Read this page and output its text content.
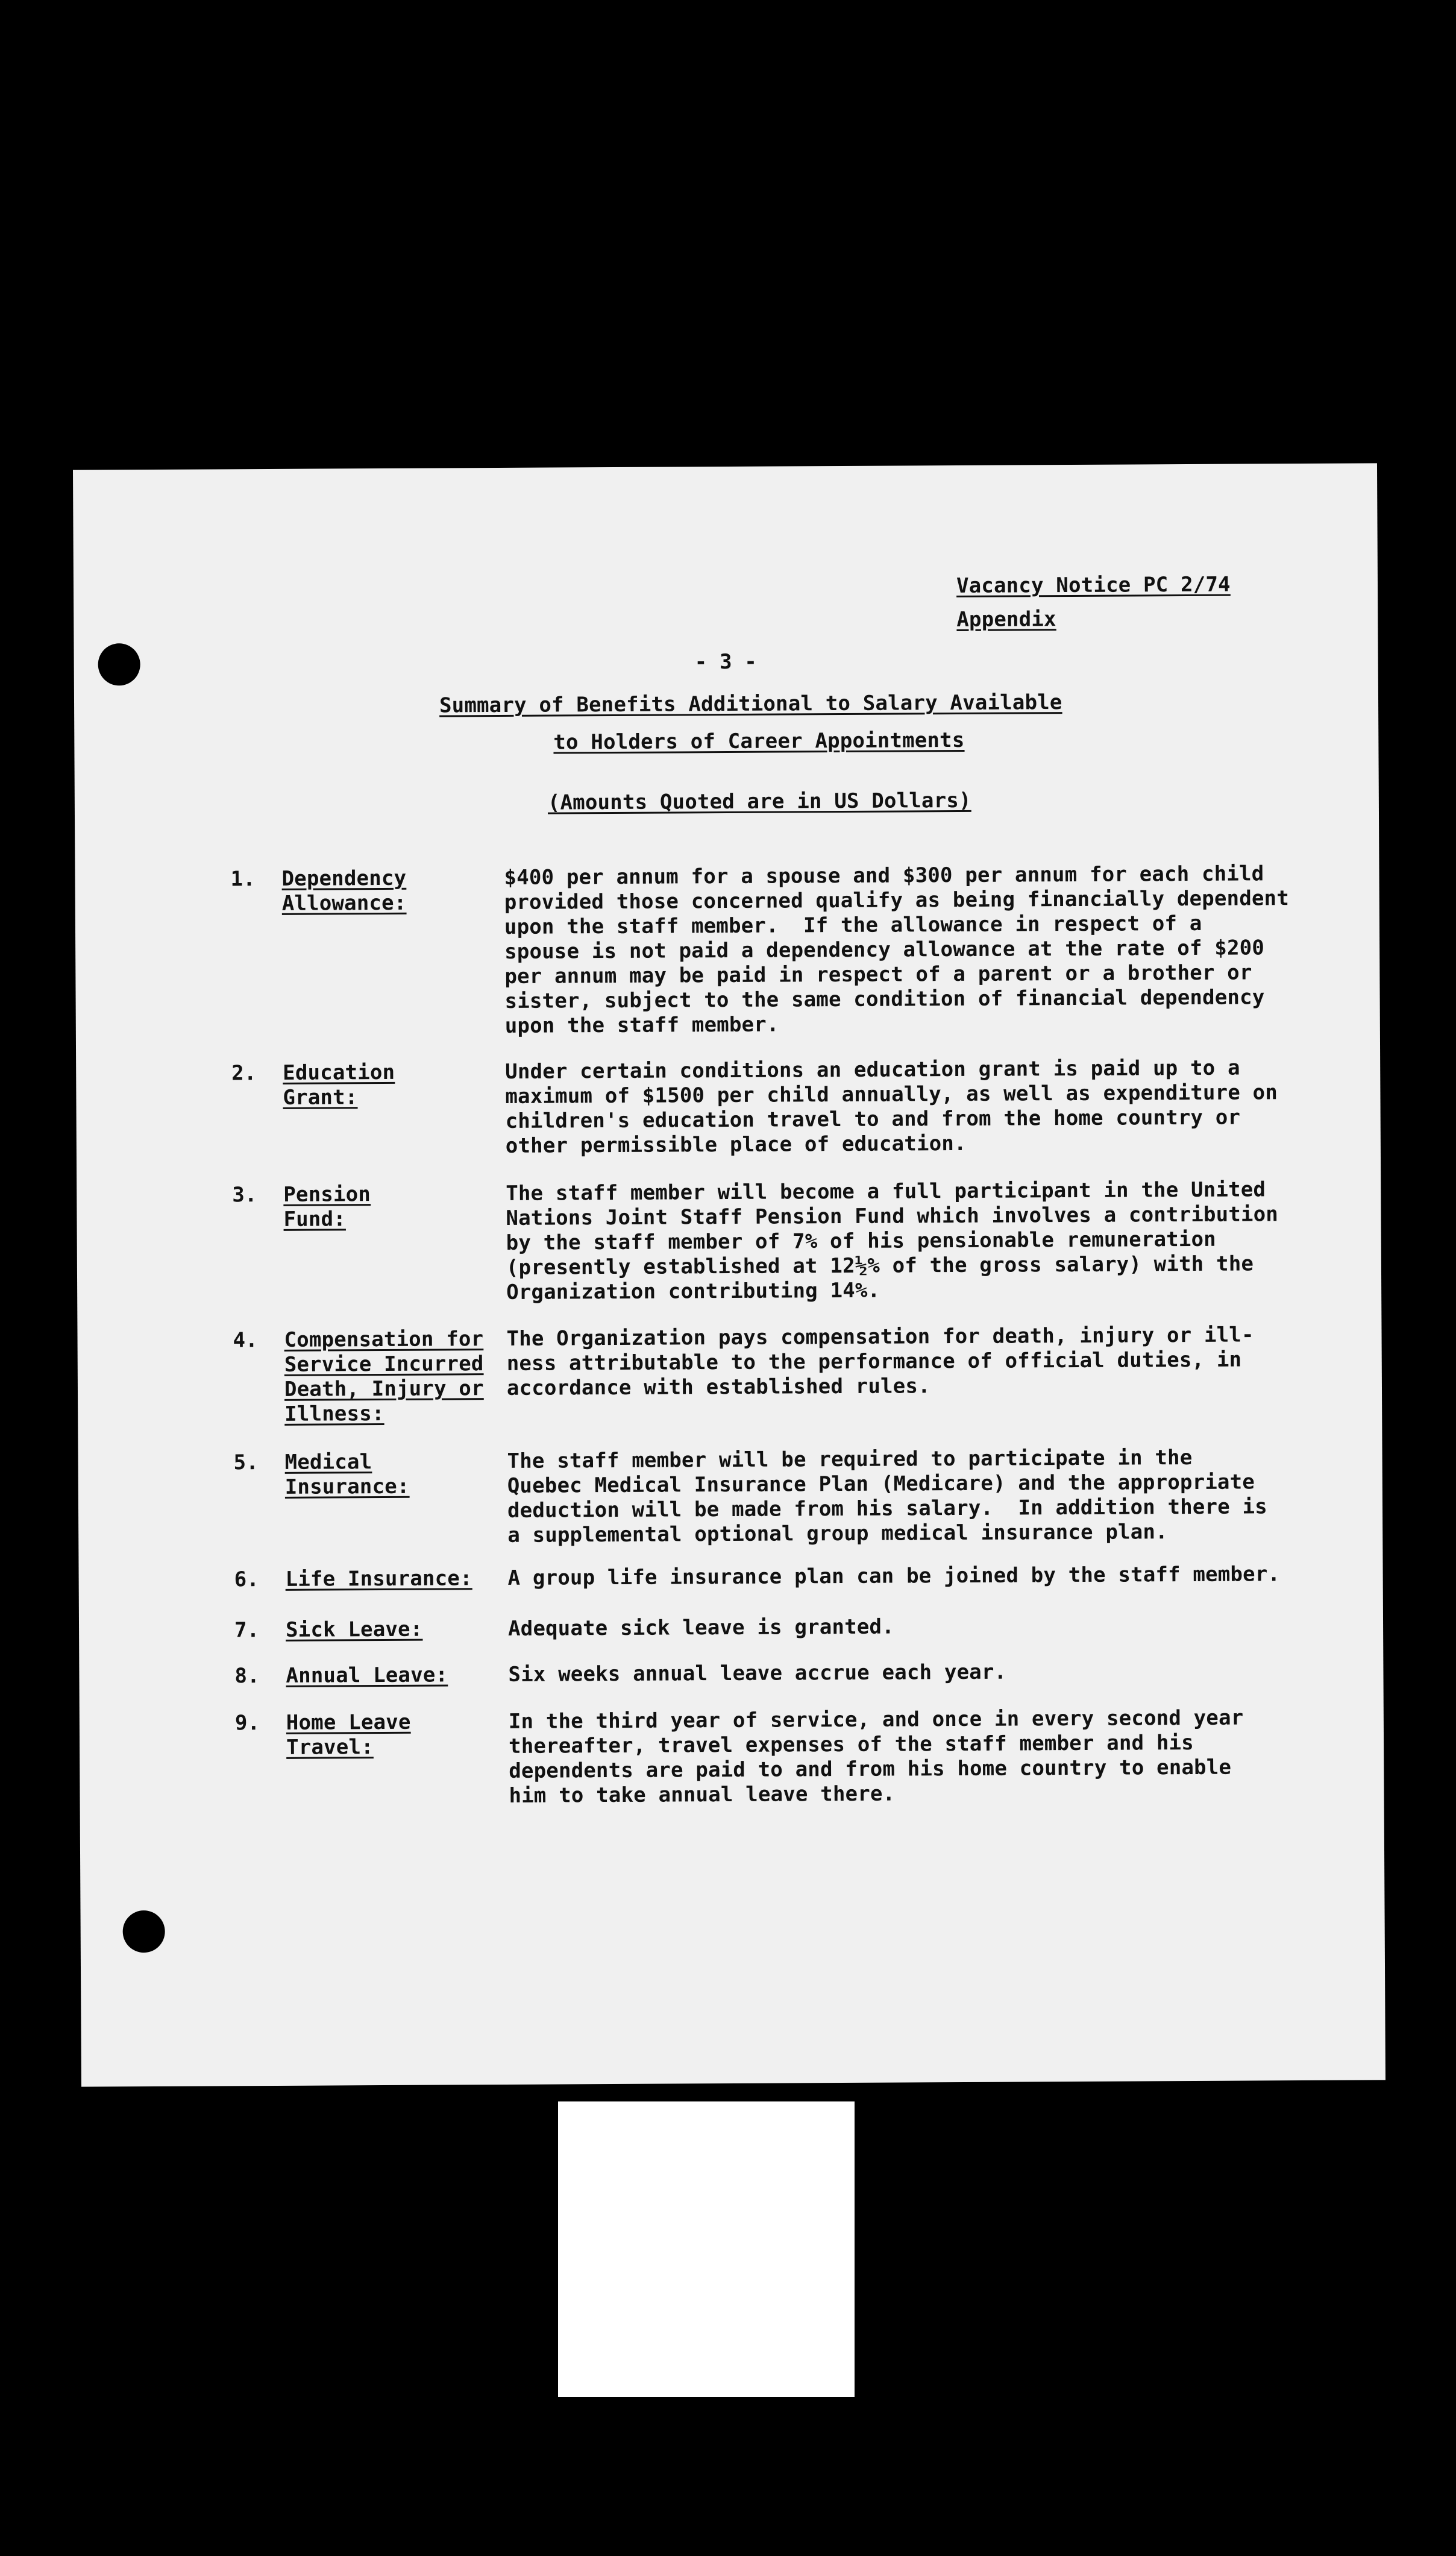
Vacancy Notice PC 2/74
Appendix
- 3 -
Summary of Benefits Additional to Salary Available
to Holders of Career Appointments
(Amounts Quoted are in US Dollars)
1. Dependency
Allowance:
$400 per annum for a spouse and $300 per annum for each child
provided those concerned qualify as being financially dependent
upon the staff member.  If the allowance in respect of a
spouse is not paid a dependency allowance at the rate of $200
per annum may be paid in respect of a parent or a brother or
sister, subject to the same condition of financial dependency
upon the staff member.
2. Education
Grant:
Under certain conditions an education grant is paid up to a
maximum of $1500 per child annually, as well as expenditure on
children's education travel to and from the home country or
other permissible place of education.
3. Pension
Fund:
The staff member will become a full participant in the United
Nations Joint Staff Pension Fund which involves a contribution
by the staff member of 7% of his pensionable remuneration
(presently established at 12½% of the gross salary) with the
Organization contributing 14%.
4. Compensation for
Service Incurred
Death, Injury or
Illness:
The Organization pays compensation for death, injury or ill-
ness attributable to the performance of official duties, in
accordance with established rules.
5. Medical
Insurance:
The staff member will be required to participate in the
Quebec Medical Insurance Plan (Medicare) and the appropriate
deduction will be made from his salary.  In addition there is
a supplemental optional group medical insurance plan.
6. Life Insurance:	A group life insurance plan can be joined by the staff member.
7. Sick Leave:	Adequate sick leave is granted.
8. Annual Leave:	Six weeks annual leave accrue each year.
9. Home Leave
Travel:
In the third year of service, and once in every second year
thereafter, travel expenses of the staff member and his
dependents are paid to and from his home country to enable
him to take annual leave there.
